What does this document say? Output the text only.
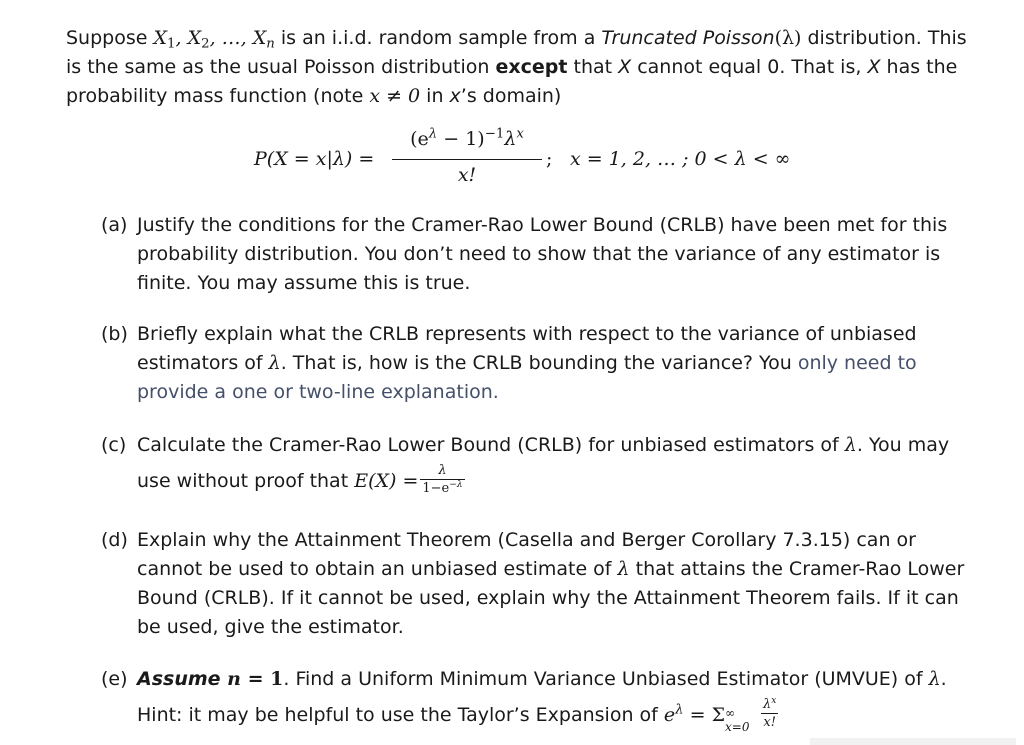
Suppose $X_1$, $X_2$, …, $X_n$ is an i.i.d. random sample from a Truncated Poisson(λ) distribution. This
is the same as the usual Poisson distribution except that X cannot equal 0. That is, X has the
probability mass function (note x ≠ 0 in x’s domain)
P(X = x|λ) =
$(e^\lambda - 1)^{-1}\lambda^x$
x!
; x = 1, 2, … ; 0 < λ < ∞
(a) Justify the conditions for the Cramer-Rao Lower Bound (CRLB) have been met for this
probability distribution. You don’t need to show that the variance of any estimator is
finite. You may assume this is true.
(b) Briefly explain what the CRLB represents with respect to the variance of unbiased
estimators of λ. That is, how is the CRLB bounding the variance? You only need to
provide a one or two-line explanation.
(c) Calculate the Cramer-Rao Lower Bound (CRLB) for unbiased estimators of λ. You may
use without proof that $E(X) = \frac{\lambda}{1-e^{-\lambda}}$
(d) Explain why the Attainment Theorem (Casella and Berger Corollary 7.3.15) can or
cannot be used to obtain an unbiased estimate of λ that attains the Cramer-Rao Lower
Bound (CRLB). If it cannot be used, explain why the Attainment Theorem fails. If it can
be used, give the estimator.
(e) Assume n = 1. Find a Uniform Minimum Variance Unbiased Estimator (UMVUE) of λ.
Hint: it may be helpful to use the Taylor’s Expansion of $e^\lambda = \Sigma$ ∞
$x=0 \frac{\lambda^x}{x!}$
